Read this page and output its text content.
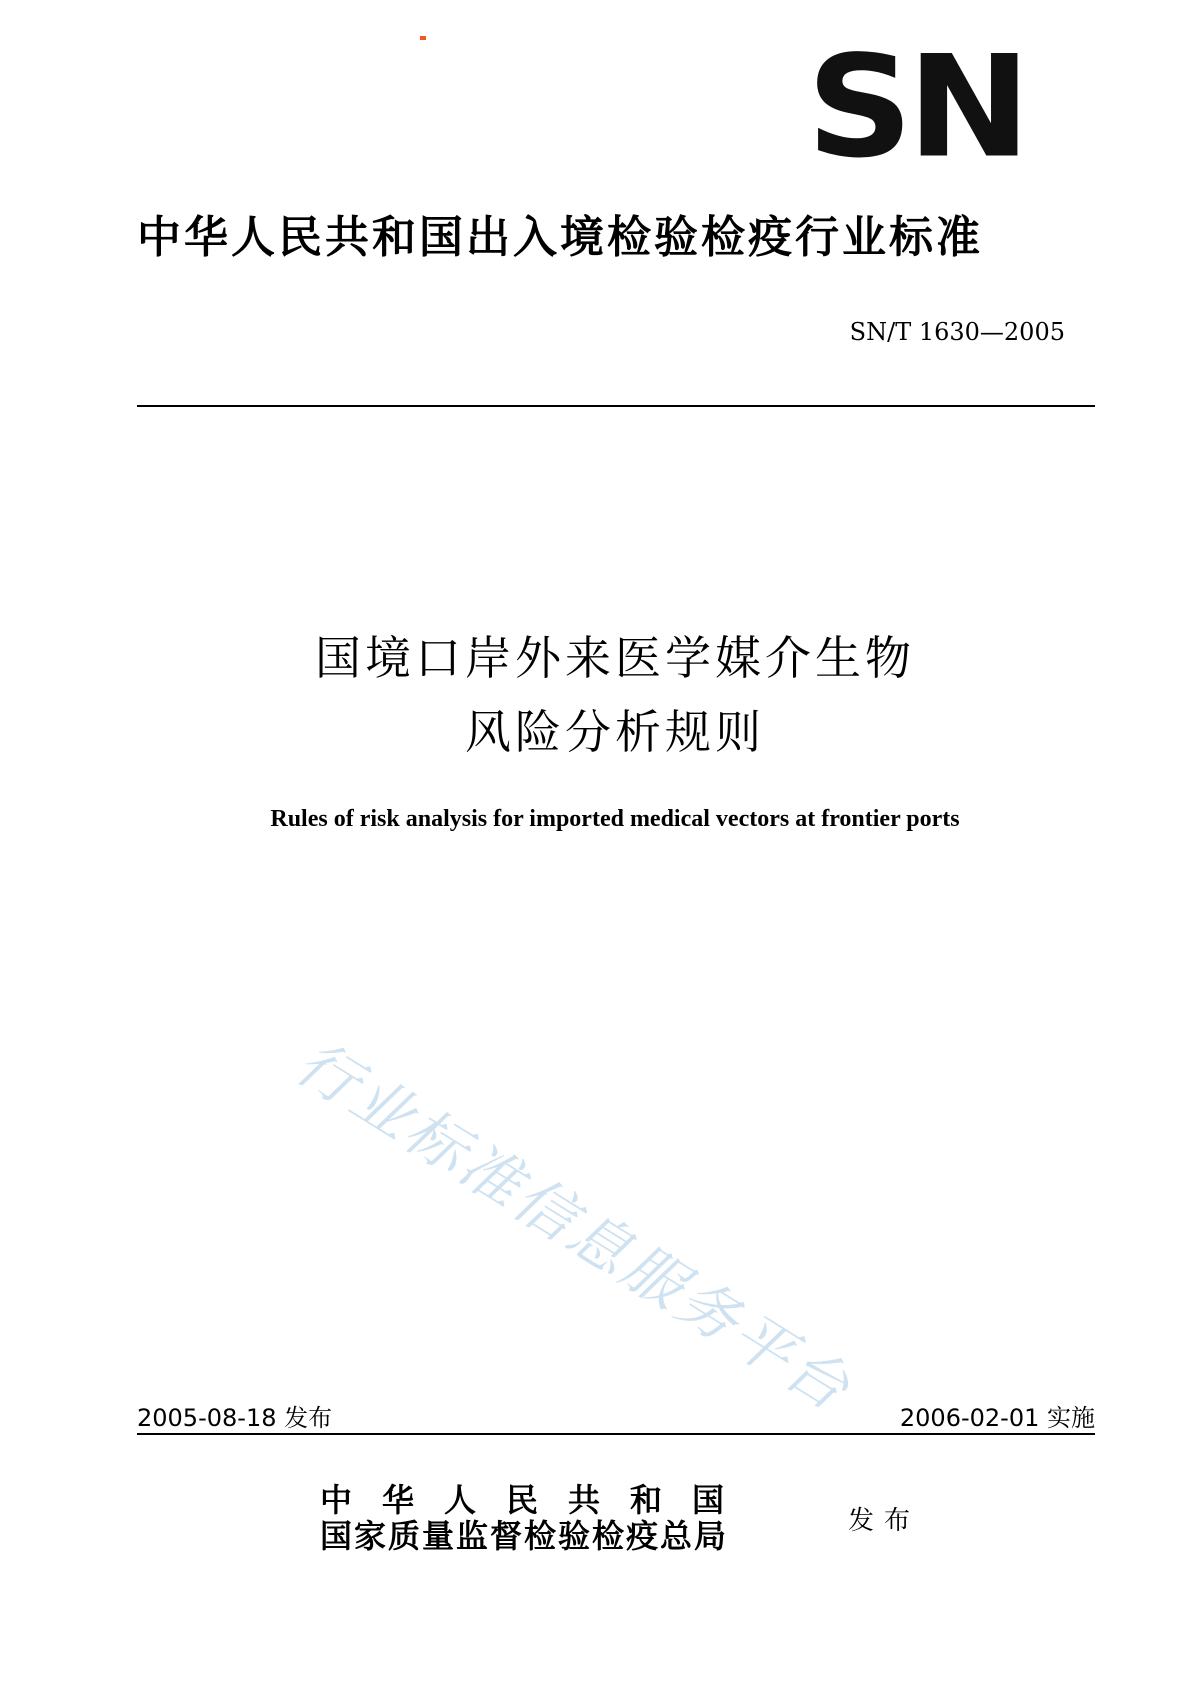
SN
中华人民共和国出入境检验检疫行业标准
SN/T 1630—2005
国境口岸外来医学媒介生物
风险分析规则
Rules of risk analysis for imported medical vectors at frontier ports
行业标准信息服务平台
2005-08-18 发布	2006-02-01 实施
中华人民共和国
国家质量监督检验检疫总局	发布
